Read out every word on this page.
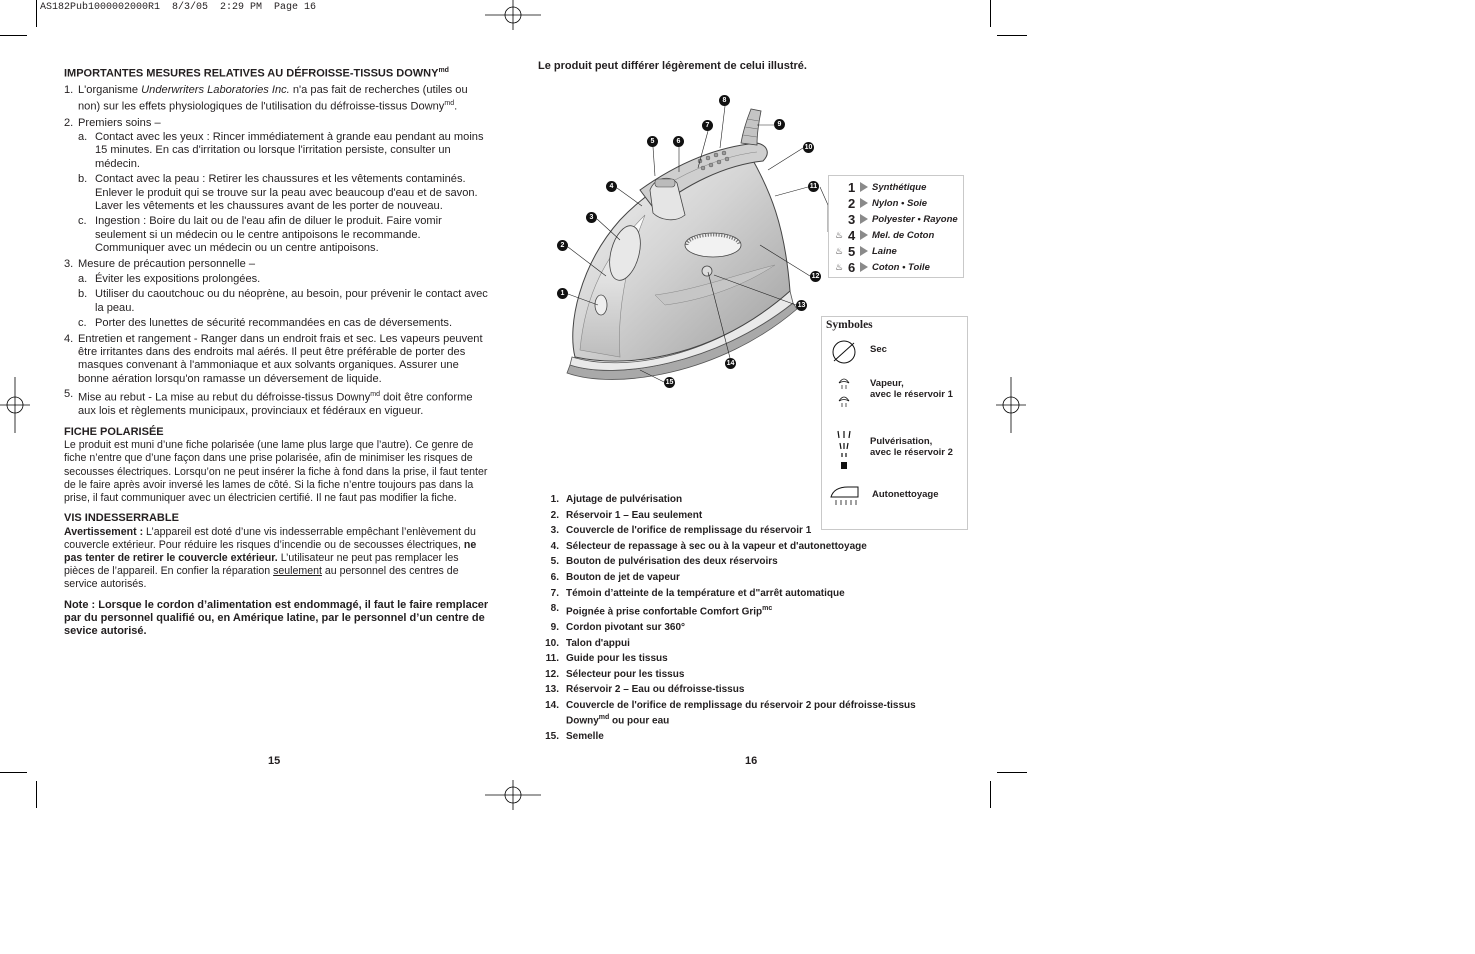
AS182Pub1000002000R1  8/3/05  2:29 PM  Page 16

IMPORTANTES MESURES RELATIVES AU DÉFROISSE-TISSUS $DOWNY^{md}$

1. L'organisme Underwriters Laboratories Inc. n'a pas fait de recherches (utiles ou non) sur les effets physiologiques de l'utilisation du défroisse-tissus Downy$^{md}$.
2. Premiers soins –
a. Contact avec les yeux : Rincer immédiatement à grande eau pendant au moins 15 minutes. En cas d'irritation ou lorsque l'irritation persiste, consulter un médecin.
b. Contact avec la peau : Retirer les chaussures et les vêtements contaminés. Enlever le produit qui se trouve sur la peau avec beaucoup d'eau et de savon. Laver les vêtements et les chaussures avant de les porter de nouveau.
c. Ingestion : Boire du lait ou de l'eau afin de diluer le produit. Faire vomir seulement si un médecin ou le centre antipoisons le recommande. Communiquer avec un médecin ou un centre antipoisons.
3. Mesure de précaution personnelle –
a. Éviter les expositions prolongées.
b. Utiliser du caoutchouc ou du néoprène, au besoin, pour prévenir le contact avec la peau.
c. Porter des lunettes de sécurité recommandées en cas de déversements.
4. Entretien et rangement - Ranger dans un endroit frais et sec. Les vapeurs peuvent être irritantes dans des endroits mal aérés. Il peut être préférable de porter des masques convenant à l'ammoniaque et aux solvants organiques. Assurer une bonne aération lorsqu'on ramasse un déversement de liquide.
5. Mise au rebut - La mise au rebut du défroisse-tissus Downy$^{md}$ doit être conforme aux lois et règlements municipaux, provinciaux et fédéraux en vigueur.

FICHE POLARISÉE

Le produit est muni d’une fiche polarisée (une lame plus large que l’autre). Ce genre de fiche n’entre que d’une façon dans une prise polarisée, afin de minimiser les risques de secousses électriques. Lorsqu’on ne peut insérer la fiche à fond dans la prise, il faut tenter de le faire après avoir inversé les lames de côté. Si la fiche n’entre toujours pas dans la prise, il faut communiquer avec un électricien certifié. Il ne faut pas modifier la fiche.

VIS INDESSERRABLE

Avertissement : L’appareil est doté d’une vis indesserrable empêchant l’enlèvement du couvercle extérieur. Pour réduire les risques d’incendie ou de secousses électriques, ne pas tenter de retirer le couvercle extérieur. L’utilisateur ne peut pas remplacer les pièces de l’appareil. En confier la réparation seulement au personnel des centres de service autorisés.

Note : Lorsque le cordon d’alimentation est endommagé, il faut le faire remplacer par du personnel qualifié ou, en Amérique latine, par le personnel d’un centre de sevice autorisé.

15
Le produit peut différer légèrement de celui illustré.
1
2
3
4
5	6
7
8
9
10
11
12
13
14
15
1 Synthétique
2 Nylon • Soie
3 Polyester • Rayone
♨ 4 Mel. de Coton
♨ 5 Laine
♨ 6 Coton • Toile
Symboles
Sec
Vapeur,
avec le réservoir 1
Pulvérisation,
avec le réservoir 2
Autonettoyage
1. Ajutage de pulvérisation
2. Réservoir 1 – Eau seulement
3. Couvercle de l'orifice de remplissage du réservoir 1
4. Sélecteur de repassage à sec ou à la vapeur et d'autonettoyage
5. Bouton de pulvérisation des deux réservoirs
6. Bouton de jet de vapeur
7. Témoin d’atteinte de la température et d"arrêt automatique
8. Poignée à prise confortable Comfort Grip$^{mc}$
9. Cordon pivotant sur 360°
10. Talon d'appui
11. Guide pour les tissus
12. Sélecteur pour les tissus
13. Réservoir 2 – Eau ou défroisse-tissus
14. Couvercle de l'orifice de remplissage du réservoir 2 pour défroisse-tissus Downy$^{md}$ ou pour eau
15. Semelle
16
